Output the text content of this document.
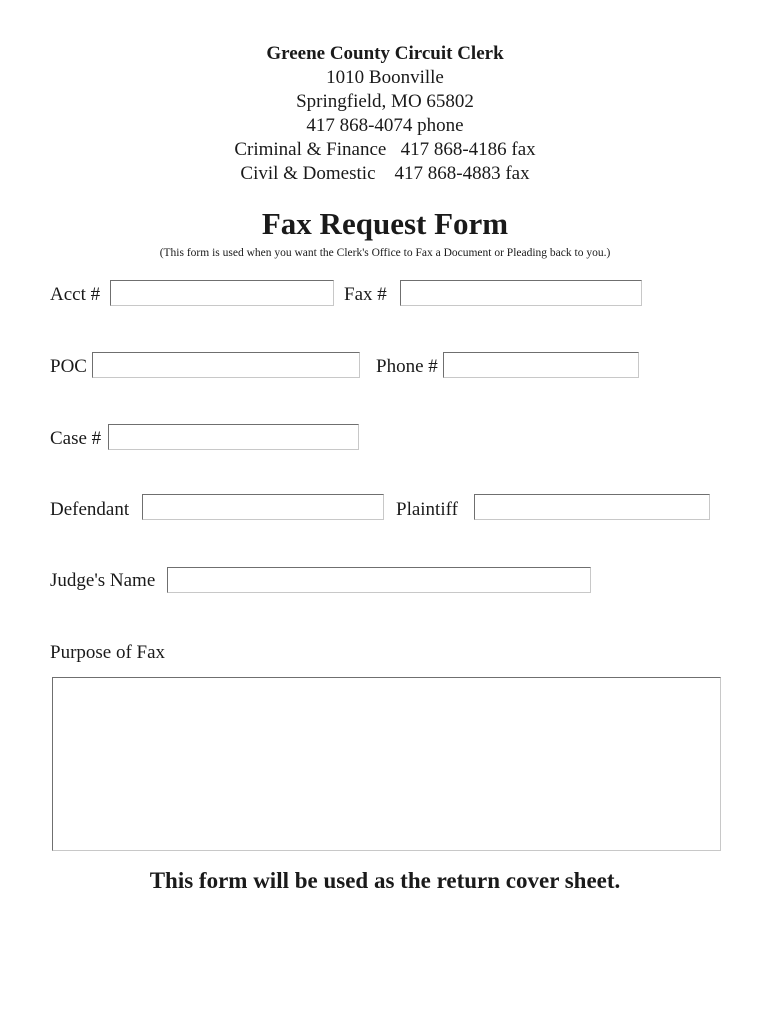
Greene County Circuit Clerk
1010 Boonville
Springfield, MO 65802
417 868-4074 phone
Criminal & Finance   417 868-4186 fax
Civil & Domestic    417 868-4883 fax
Fax Request Form
(This form is used when you want the Clerk's Office to Fax a Document or Pleading back to you.)
Acct #	Fax #
POC	Phone #
Case #
Defendant	Plaintiff
Judge's Name
Purpose of Fax
This form will be used as the return cover sheet.
